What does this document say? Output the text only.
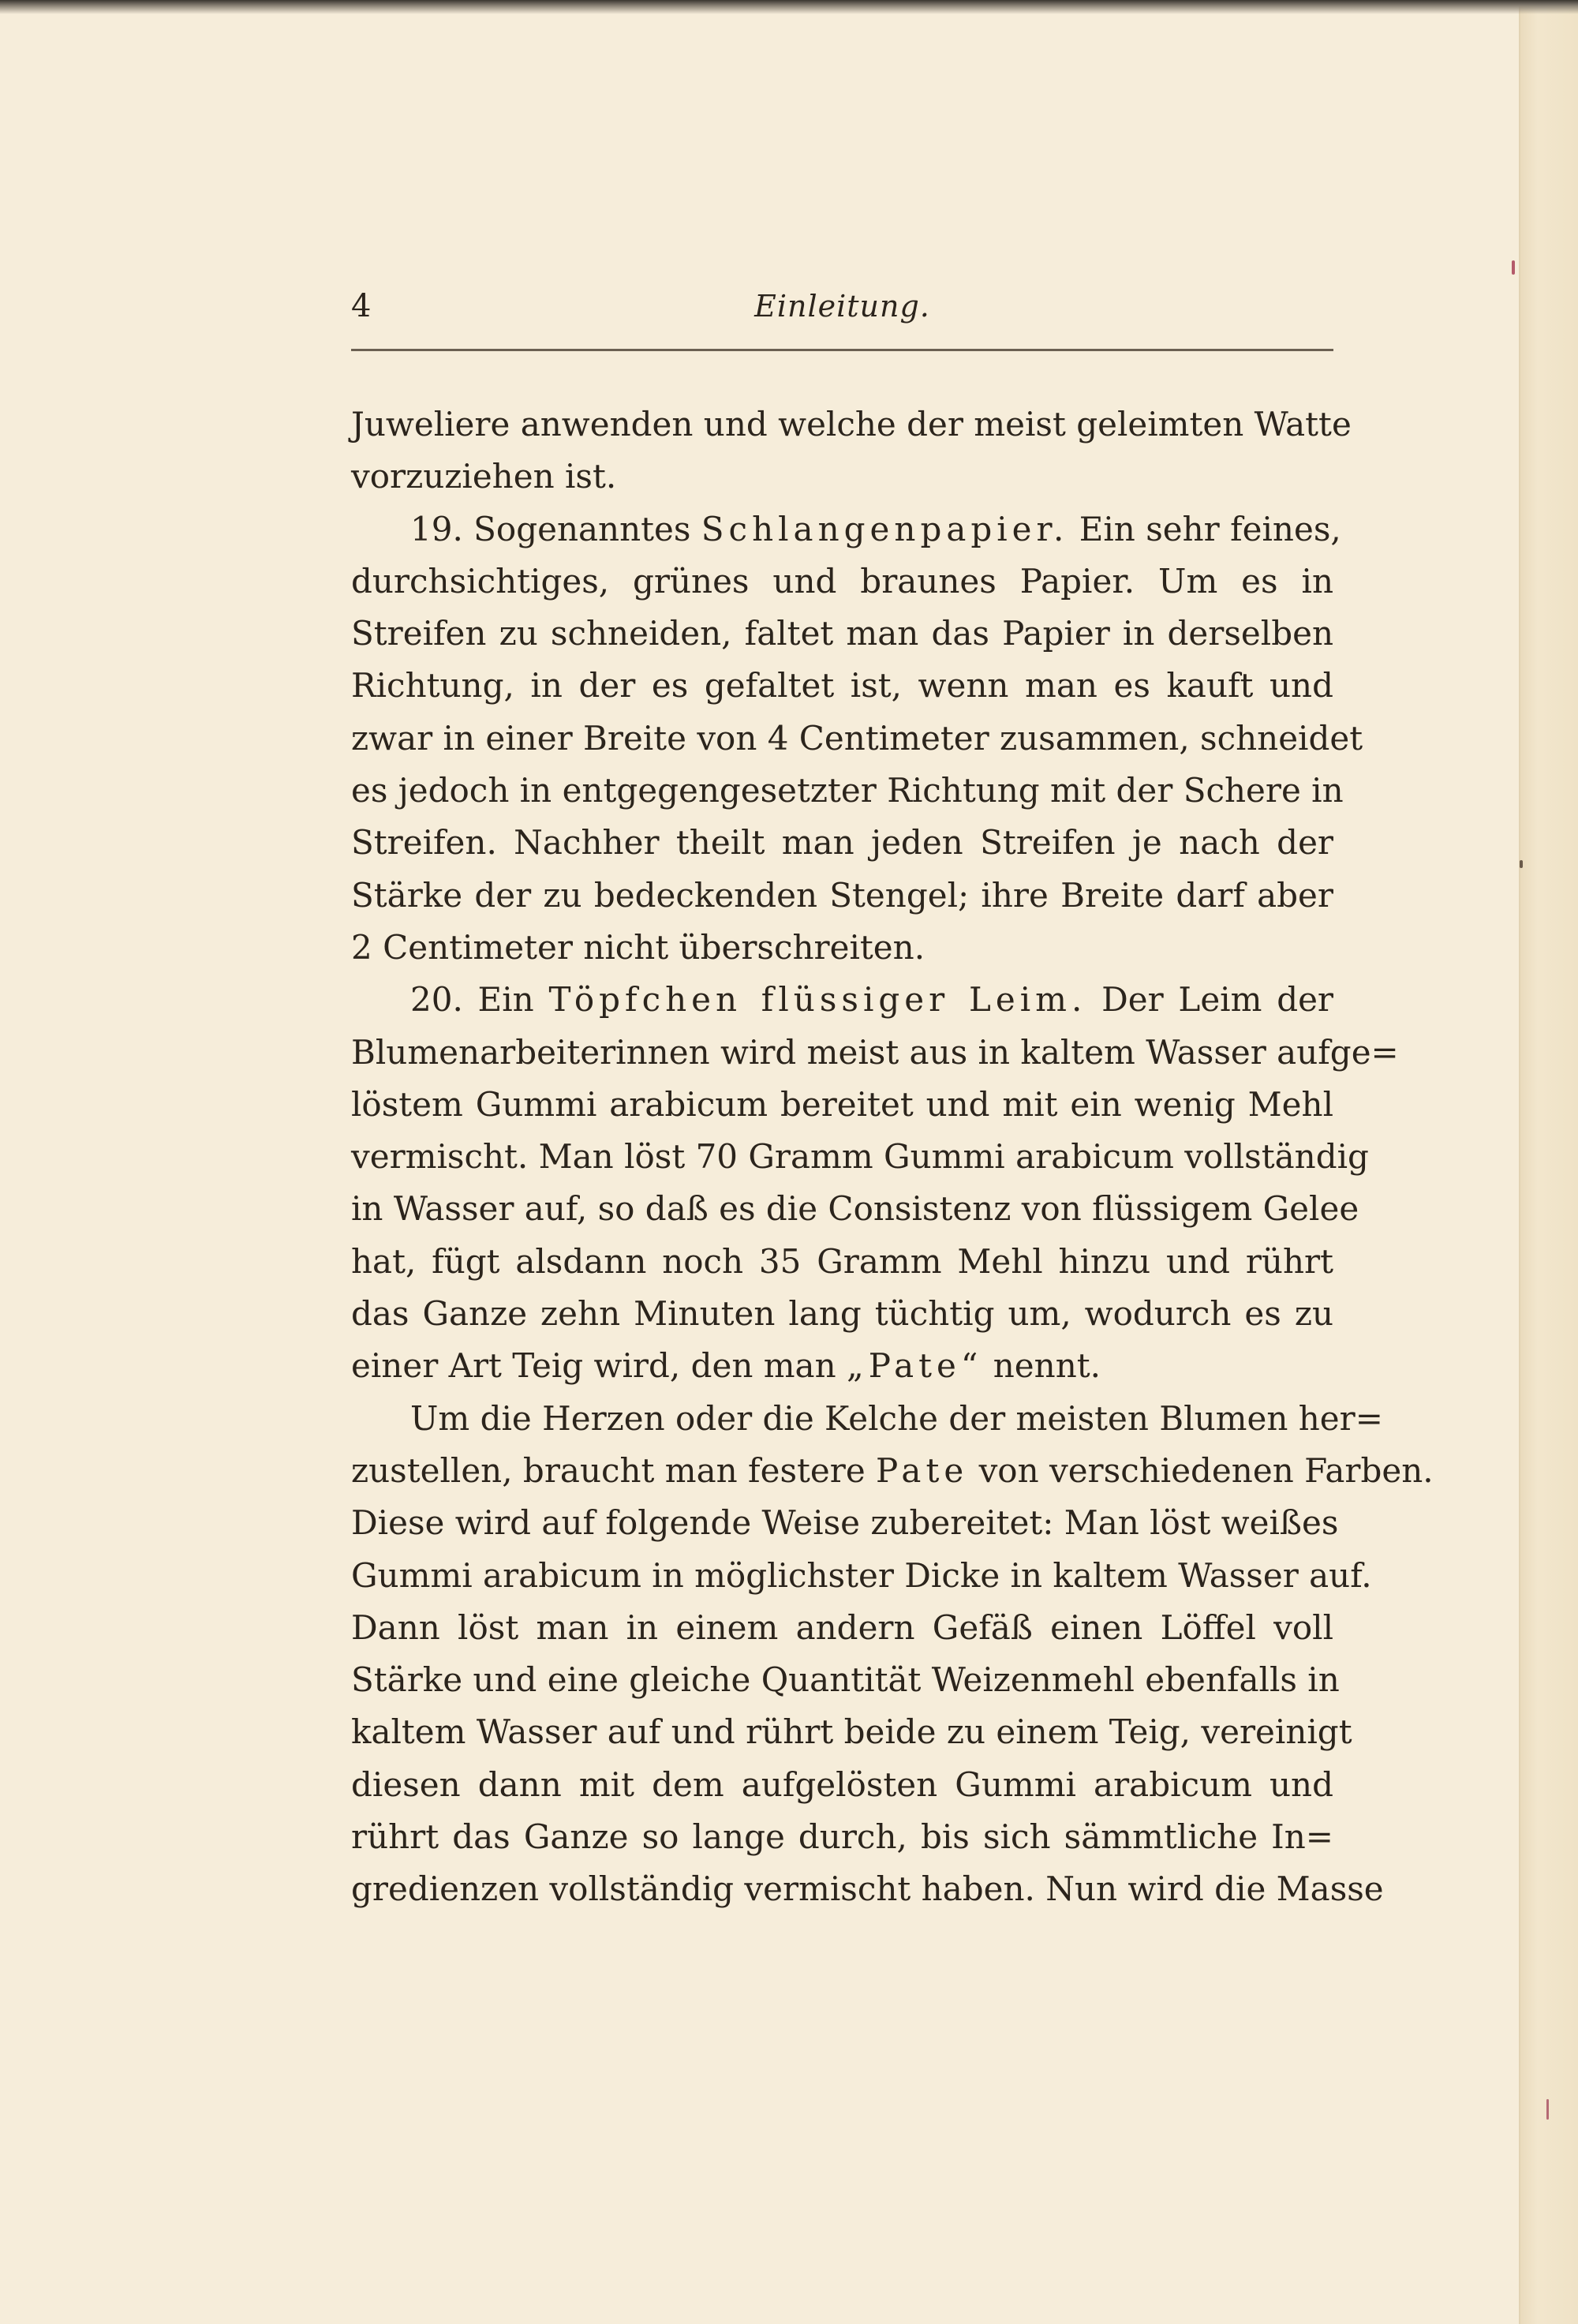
4	Einleitung.
Juweliere anwenden und welche der meist geleimten Watte
vorzuziehen ist.
19. Sogenanntes Schlangenpapier. Ein sehr feines,
durchsichtiges, grünes und braunes Papier. Um es in
Streifen zu schneiden, faltet man das Papier in derselben
Richtung, in der es gefaltet ist, wenn man es kauft und
zwar in einer Breite von 4 Centimeter zusammen, schneidet
es jedoch in entgegengesetzter Richtung mit der Schere in
Streifen. Nachher theilt man jeden Streifen je nach der
Stärke der zu bedeckenden Stengel; ihre Breite darf aber
2 Centimeter nicht überschreiten.
20. Ein Töpfchen flüssiger Leim. Der Leim der
Blumenarbeiterinnen wird meist aus in kaltem Wasser aufge=
löstem Gummi arabicum bereitet und mit ein wenig Mehl
vermischt. Man löst 70 Gramm Gummi arabicum vollständig
in Wasser auf, so daß es die Consistenz von flüssigem Gelee
hat, fügt alsdann noch 35 Gramm Mehl hinzu und rührt
das Ganze zehn Minuten lang tüchtig um, wodurch es zu
einer Art Teig wird, den man „Pate“ nennt.
Um die Herzen oder die Kelche der meisten Blumen her=
zustellen, braucht man festere Pate von verschiedenen Farben.
Diese wird auf folgende Weise zubereitet: Man löst weißes
Gummi arabicum in möglichster Dicke in kaltem Wasser auf.
Dann löst man in einem andern Gefäß einen Löffel voll
Stärke und eine gleiche Quantität Weizenmehl ebenfalls in
kaltem Wasser auf und rührt beide zu einem Teig, vereinigt
diesen dann mit dem aufgelösten Gummi arabicum und
rührt das Ganze so lange durch, bis sich sämmtliche In=
gredienzen vollständig vermischt haben. Nun wird die Masse
